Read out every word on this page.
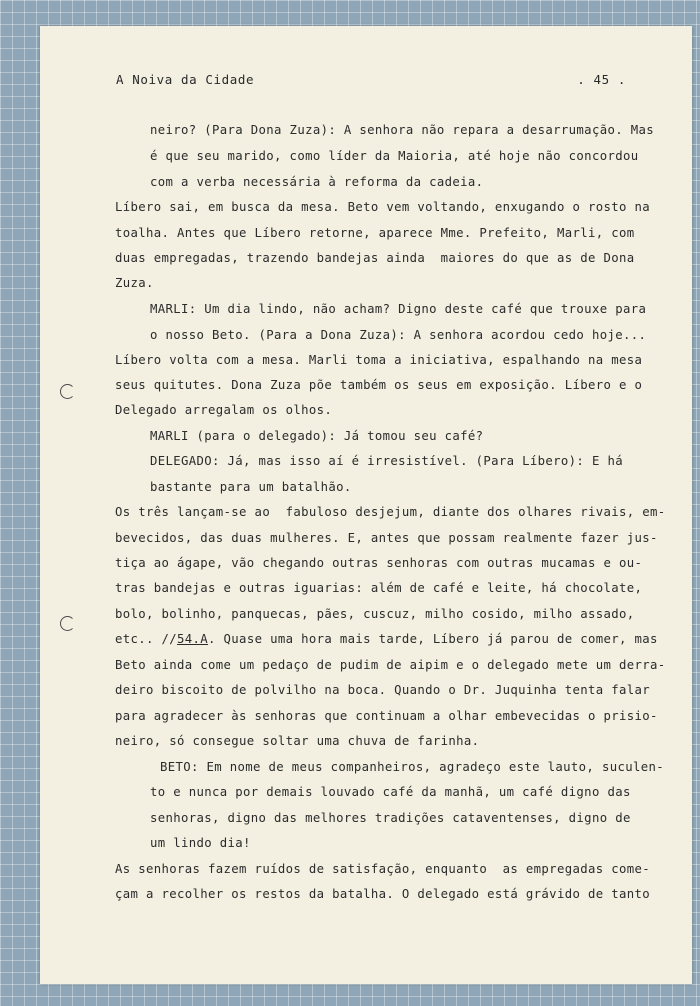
A Noiva da Cidade	. 45 .
neiro? (Para Dona Zuza): A senhora não repara a desarrumação. Mas
é que seu marido, como líder da Maioria, até hoje não concordou
com a verba necessária à reforma da cadeia.
Líbero sai, em busca da mesa. Beto vem voltando, enxugando o rosto na
toalha. Antes que Líbero retorne, aparece Mme. Prefeito, Marli, com
duas empregadas, trazendo bandejas ainda  maiores do que as de Dona
Zuza.
MARLI: Um dia lindo, não acham? Digno deste café que trouxe para
o nosso Beto. (Para a Dona Zuza): A senhora acordou cedo hoje...
Líbero volta com a mesa. Marli toma a iniciativa, espalhando na mesa
seus quitutes. Dona Zuza põe também os seus em exposição. Líbero e o
Delegado arregalam os olhos.
MARLI (para o delegado): Já tomou seu café?
DELEGADO: Já, mas isso aí é irresistível. (Para Líbero): E há
bastante para um batalhão.
Os três lançam-se ao  fabuloso desjejum, diante dos olhares rivais, em-
bevecidos, das duas mulheres. E, antes que possam realmente fazer jus-
tiça ao ágape, vão chegando outras senhoras com outras mucamas e ou-
tras bandejas e outras iguarias: além de café e leite, há chocolate,
bolo, bolinho, panquecas, pães, cuscuz, milho cosido, milho assado,
etc.. //54.A. Quase uma hora mais tarde, Líbero já parou de comer, mas
Beto ainda come um pedaço de pudim de aipim e o delegado mete um derra-
deiro biscoito de polvilho na boca. Quando o Dr. Juquinha tenta falar
para agradecer às senhoras que continuam a olhar embevecidas o prisio-
neiro, só consegue soltar uma chuva de farinha.
BETO: Em nome de meus companheiros, agradeço este lauto, suculen-
to e nunca por demais louvado café da manhã, um café digno das
senhoras, digno das melhores tradições cataventenses, digno de
um lindo dia!
As senhoras fazem ruídos de satisfação, enquanto  as empregadas come-
çam a recolher os restos da batalha. O delegado está grávido de tanto
